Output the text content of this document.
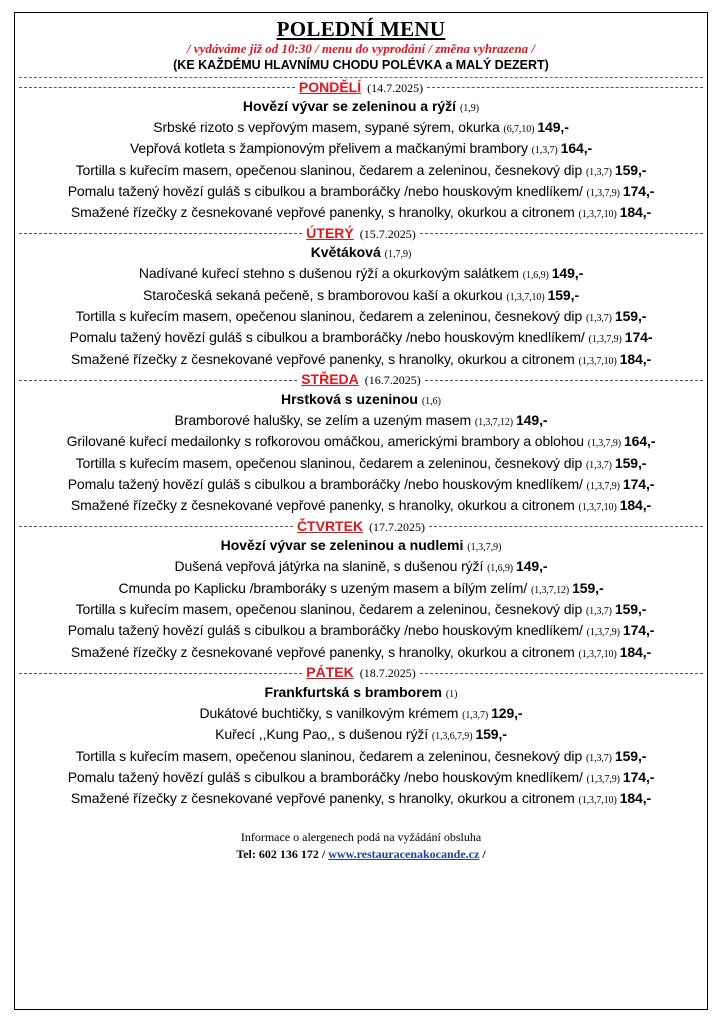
POLEDNÍ MENU
/ vydáváme již od 10:30 / menu do vyprodání / změna vyhrazena /
(KE KAŽDÉMU HLAVNÍMU CHODU POLÉVKA a MALÝ DEZERT)
PONDĚLÍ (14.7.2025)
Hovězí vývar se zeleninou a rýží (1,9)
Srbské rizoto s vepřovým masem, sypané sýrem, okurka (6,7,10) 149,-
Vepřová kotleta s žampionovým přelivem a mačkanými brambory (1,3,7) 164,-
Tortilla s kuřecím masem, opečenou slaninou, čedarem a zeleninou, česnekový dip (1,3,7) 159,-
Pomalu tažený hovězí guláš s cibulkou a bramboráčky /nebo houskovým knedlíkem/ (1,3,7,9) 174,-
Smažené řízečky z česnekované vepřové panenky, s hranolky, okurkou a citronem (1,3,7,10) 184,-
ÚTERÝ (15.7.2025)
Květáková (1,7,9)
Nadívané kuřecí stehno s dušenou rýží a okurkovým salátkem (1,6,9) 149,-
Staročeská sekaná pečeně, s bramborovou kaší a okurkou (1,3,7,10) 159,-
Tortilla s kuřecím masem, opečenou slaninou, čedarem a zeleninou, česnekový dip (1,3,7) 159,-
Pomalu tažený hovězí guláš s cibulkou a bramboráčky /nebo houskovým knedlíkem/ (1,3,7,9) 174-
Smažené řízečky z česnekované vepřové panenky, s hranolky, okurkou a citronem (1,3,7,10) 184,-
STŘEDA (16.7.2025)
Hrstková s uzeninou (1,6)
Bramborové halušky, se zelím a uzeným masem (1,3,7,12) 149,-
Grilované kuřecí medailonky s rofkorovou omáčkou, americkými brambory a oblohou (1,3,7,9) 164,-
Tortilla s kuřecím masem, opečenou slaninou, čedarem a zeleninou, česnekový dip (1,3,7) 159,-
Pomalu tažený hovězí guláš s cibulkou a bramboráčky /nebo houskovým knedlíkem/ (1,3,7,9) 174,-
Smažené řízečky z česnekované vepřové panenky, s hranolky, okurkou a citronem (1,3,7,10) 184,-
ČTVRTEK (17.7.2025)
Hovězí vývar se zeleninou a nudlemi (1,3,7,9)
Dušená vepřová játýrka na slanině, s dušenou rýží (1,6,9) 149,-
Cmunda po Kaplicku /bramboráky s uzeným masem a bílým zelím/ (1,3,7,12) 159,-
Tortilla s kuřecím masem, opečenou slaninou, čedarem a zeleninou, česnekový dip (1,3,7) 159,-
Pomalu tažený hovězí guláš s cibulkou a bramboráčky /nebo houskovým knedlíkem/ (1,3,7,9) 174,-
Smažené řízečky z česnekované vepřové panenky, s hranolky, okurkou a citronem (1,3,7,10) 184,-
PÁTEK (18.7.2025)
Frankfurtská s bramborem (1)
Dukátové buchtičky, s vanilkovým krémem (1,3,7) 129,-
Kuřecí ,,Kung Pao,, s dušenou rýží (1,3,6,7,9) 159,-
Tortilla s kuřecím masem, opečenou slaninou, čedarem a zeleninou, česnekový dip (1,3,7) 159,-
Pomalu tažený hovězí guláš s cibulkou a bramboráčky /nebo houskovým knedlíkem/ (1,3,7,9) 174,-
Smažené řízečky z česnekované vepřové panenky, s hranolky, okurkou a citronem (1,3,7,10) 184,-
Informace o alergenech podá na vyžádání obsluha
Tel: 602 136 172 / www.restauracenakocande.cz /
